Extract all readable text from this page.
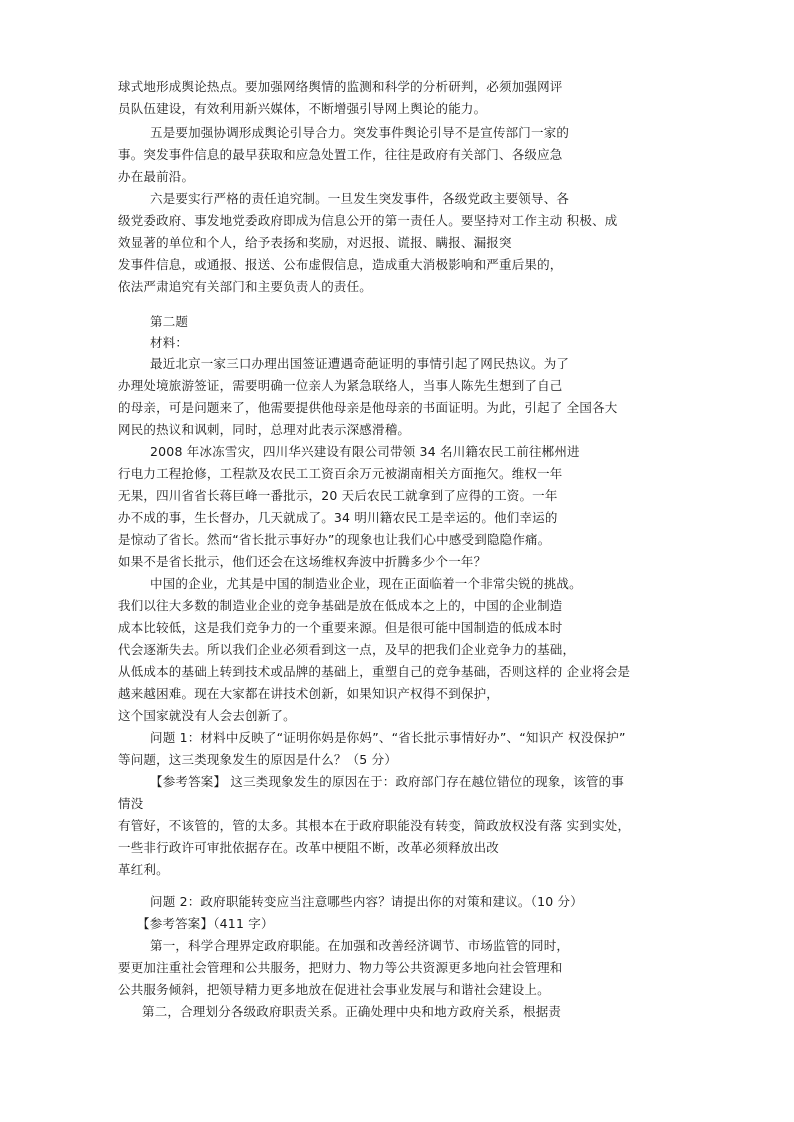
球式地形成舆论热点。要加强网络舆情的监测和科学的分析研判，必须加强网评
员队伍建设，有效利用新兴媒体，不断增强引导网上舆论的能力。
五是要加强协调形成舆论引导合力。突发事件舆论引导不是宣传部门一家的
事。突发事件信息的最早获取和应急处置工作，往往是政府有关部门、各级应急
办在最前沿。
六是要实行严格的责任追究制。一旦发生突发事件，各级党政主要领导、各
级党委政府、事发地党委政府即成为信息公开的第一责任人。要坚持对工作主动 积极、成
效显著的单位和个人，给予表扬和奖励，对迟报、谎报、瞒报、漏报突
发事件信息，或通报、报送、公布虚假信息，造成重大消极影响和严重后果的，
依法严肃追究有关部门和主要负责人的责任。
第二题
材料：
最近北京一家三口办理出国签证遭遇奇葩证明的事情引起了网民热议。为了
办理处境旅游签证，需要明确一位亲人为紧急联络人，当事人陈先生想到了自己
的母亲，可是问题来了，他需要提供他母亲是他母亲的书面证明。为此，引起了 全国各大
网民的热议和讽刺，同时，总理对此表示深感滑稽。
2008 年冰冻雪灾，四川华兴建设有限公司带领 34 名川籍农民工前往郴州进
行电力工程抢修，工程款及农民工工资百余万元被湖南相关方面拖欠。维权一年
无果，四川省省长蒋巨峰一番批示，20 天后农民工就拿到了应得的工资。一年
办不成的事，生长督办，几天就成了。34 明川籍农民工是幸运的。他们幸运的
是惊动了省长。然而“省长批示事好办”的现象也让我们心中感受到隐隐作痛。
如果不是省长批示，他们还会在这场维权奔波中折腾多少个一年？
中国的企业，尤其是中国的制造业企业，现在正面临着一个非常尖锐的挑战。
我们以往大多数的制造业企业的竞争基础是放在低成本之上的，中国的企业制造
成本比较低，这是我们竞争力的一个重要来源。但是很可能中国制造的低成本时
代会逐渐失去。所以我们企业必须看到这一点，及早的把我们企业竞争力的基础，
从低成本的基础上转到技术或品牌的基础上，重塑自己的竞争基础，否则这样的 企业将会是
越来越困难。现在大家都在讲技术创新，如果知识产权得不到保护，
这个国家就没有人会去创新了。
问题 1：材料中反映了“证明你妈是你妈”、“省长批示事情好办”、“知识产 权没保护”
等问题，这三类现象发生的原因是什么？（5 分）
【参考答案】 这三类现象发生的原因在于：政府部门存在越位错位的现象，该管的事
情没
有管好，不该管的，管的太多。其根本在于政府职能没有转变，简政放权没有落 实到实处，
一些非行政许可审批依据存在。改革中梗阻不断，改革必须释放出改
革红利。
问题 2：政府职能转变应当注意哪些内容？请提出你的对策和建议。（10 分）
【参考答案】（411 字）
第一，科学合理界定政府职能。在加强和改善经济调节、市场监管的同时，
要更加注重社会管理和公共服务，把财力、物力等公共资源更多地向社会管理和
公共服务倾斜，把领导精力更多地放在促进社会事业发展与和谐社会建设上。
第二，合理划分各级政府职责关系。正确处理中央和地方政府关系，根据责
